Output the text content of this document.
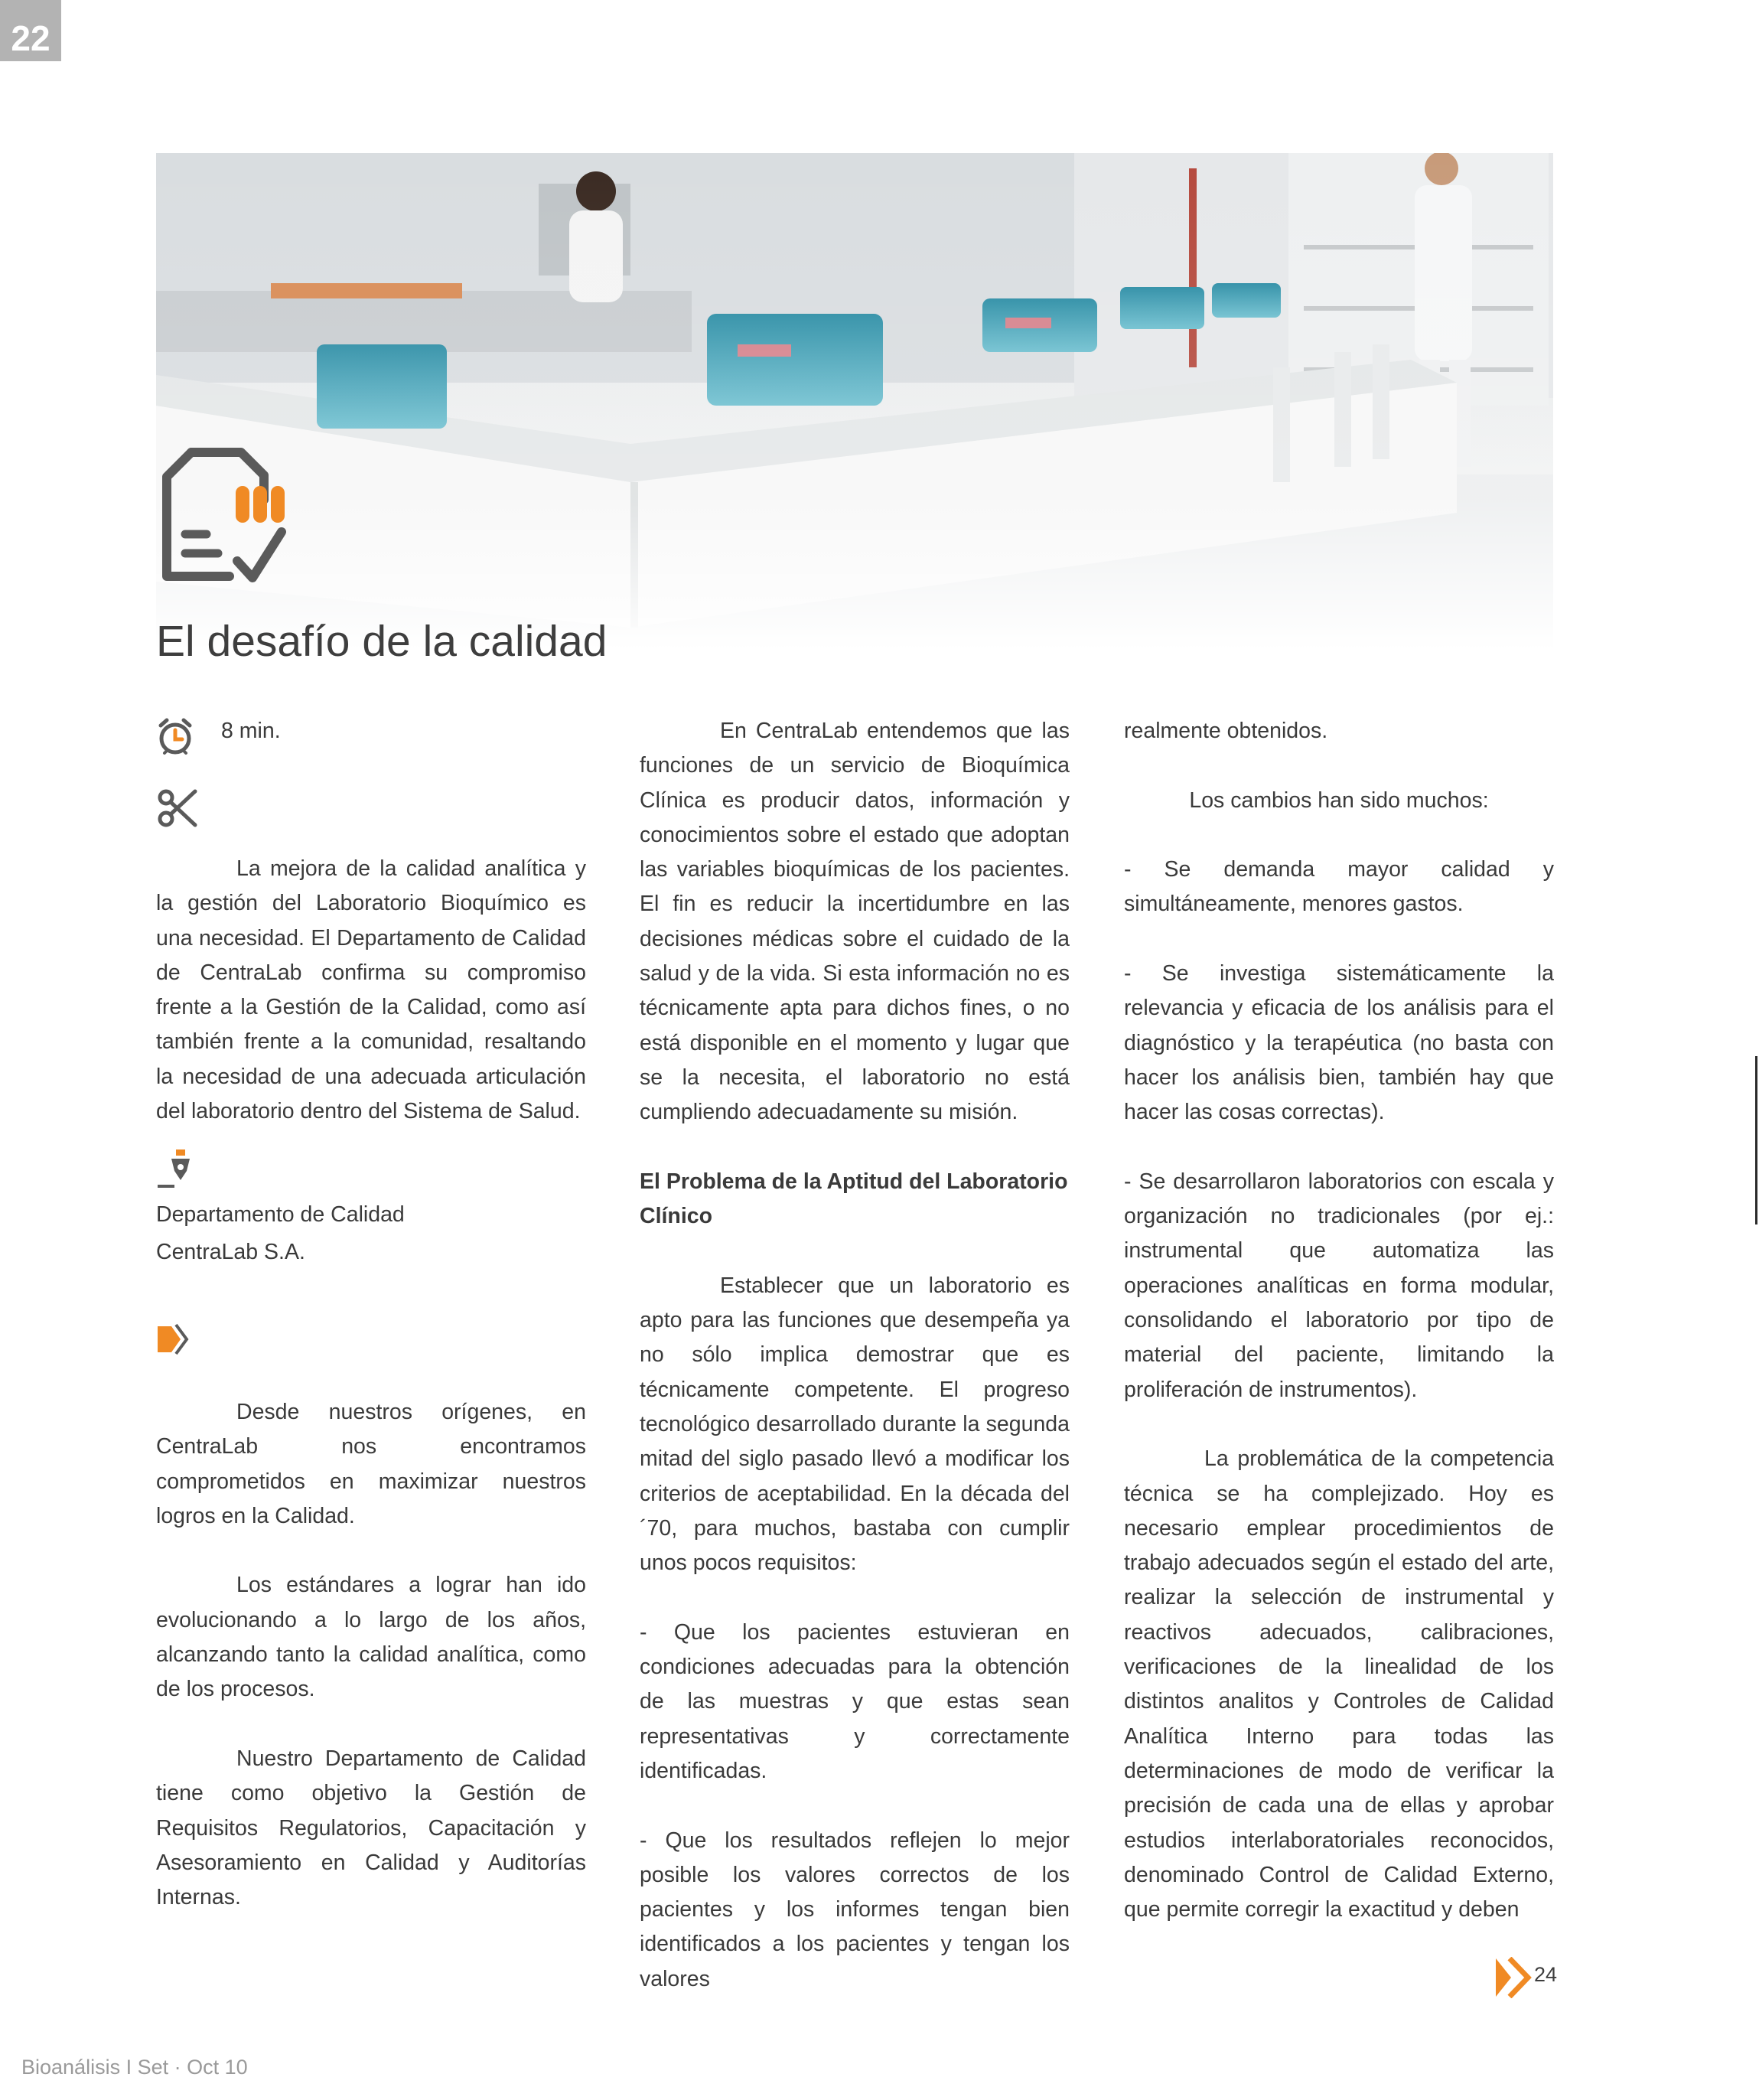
22
El desafío de la calidad
8 min.

La mejora de la calidad analítica y la gestión del Laboratorio Bioquímico es una necesidad. El Departamento de Calidad de CentraLab confirma su compromiso frente a la Gestión de la Calidad, como así también frente a la comunidad, resaltando la necesidad de una adecuada articulación del laboratorio dentro del Sistema de Salud.

Departamento de Calidad
CentraLab S.A.

Desde nuestros orígenes, en CentraLab nos encontramos comprometidos en maximizar nuestros logros en la Calidad.

Los estándares a lograr han ido evolucionando a lo largo de los años, alcanzando tanto la calidad analítica, como de los procesos.

Nuestro Departamento de Calidad tiene como objetivo la Gestión de Requisitos Regulatorios, Capacitación y Asesoramiento en Calidad y Auditorías Internas.

En CentraLab entendemos que las funciones de un servicio de Bioquímica Clínica es producir datos, información y conocimientos sobre el estado que adoptan las variables bioquímicas de los pacientes. El fin es reducir la incertidumbre en las decisiones médicas sobre el cuidado de la salud y de la vida. Si esta información no es técnicamente apta para dichos fines, o no está disponible en el momento y lugar que se la necesita, el laboratorio no está cumpliendo adecuadamente su misión.

El Problema de la Aptitud del Laboratorio Clínico

Establecer que un laboratorio es apto para las funciones que desempeña ya no sólo implica demostrar que es técnicamente competente. El progreso tecnológico desarrollado durante la segunda mitad del siglo pasado llevó a modificar los criterios de aceptabilidad. En la década del ´70, para muchos, bastaba con cumplir unos pocos requisitos:

- Que los pacientes estuvieran en condiciones adecuadas para la obtención de las muestras y que estas sean representativas y correctamente identificadas.

- Que los resultados reflejen lo mejor posible los valores correctos de los pacientes y los informes tengan bien identificados a los pacientes y tengan los valores

realmente obtenidos.

Los cambios han sido muchos:

- Se demanda mayor calidad y simultáneamente, menores gastos.

- Se investiga sistemáticamente la relevancia y eficacia de los análisis para el diagnóstico y la terapéutica (no basta con hacer los análisis bien, también hay que hacer las cosas correctas).

- Se desarrollaron laboratorios con escala y organización no tradicionales (por ej.: instrumental que automatiza las operaciones analíticas en forma modular, consolidando el laboratorio por tipo de material del paciente, limitando la proliferación de instrumentos).

La problemática de la competencia técnica se ha complejizado. Hoy es necesario emplear procedimientos de trabajo adecuados según el estado del arte, realizar la selección de instrumental y reactivos adecuados, calibraciones, verificaciones de la linealidad de los distintos analitos y Controles de Calidad Analítica Interno para todas las determinaciones de modo de verificar la precisión de cada una de ellas y aprobar estudios interlaboratoriales reconocidos, denominado Control de Calidad Externo, que permite corregir la exactitud y deben

24
Bioanálisis I Set · Oct 10
